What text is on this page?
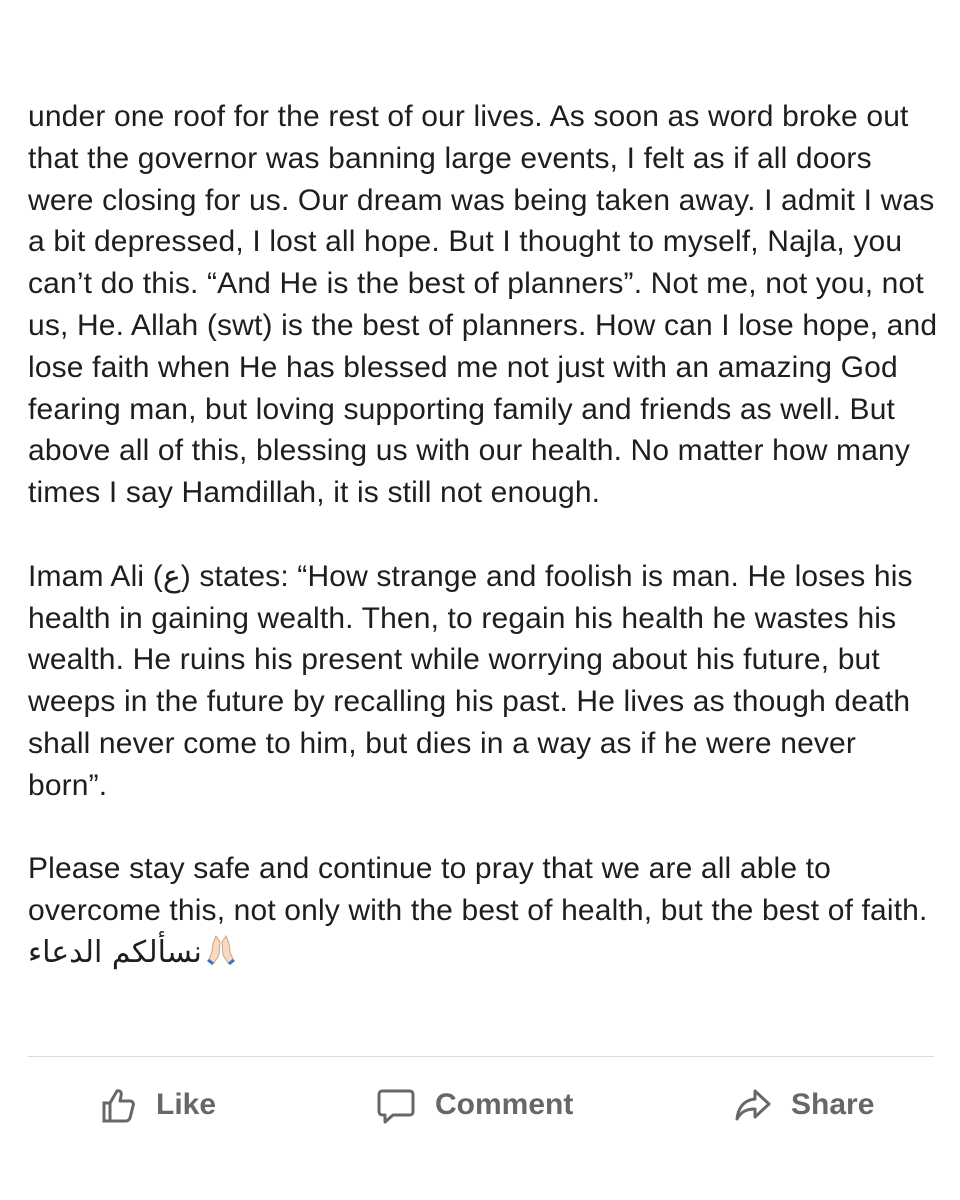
under one roof for the rest of our lives. As soon as word broke out that the governor was banning large events, I felt as if all doors were closing for us. Our dream was being taken away. I admit I was a bit depressed, I lost all hope. But I thought to myself, Najla, you can’t do this. “And He is the best of planners”. Not me, not you, not us, He. Allah (swt) is the best of planners. How can I lose hope, and lose faith when He has blessed me not just with an amazing God fearing man, but loving supporting family and friends as well. But above all of this, blessing us with our health. No matter how many times I say Hamdillah, it is still not enough.

Imam Ali (ع) states: “How strange and foolish is man. He loses his health in gaining wealth. Then, to regain his health he wastes his wealth. He ruins his present while worrying about his future, but weeps in the future by recalling his past. He lives as though death shall never come to him, but dies in a way as if he were never born”.

Please stay safe and continue to pray that we are all able to overcome this, not only with the best of health, but the best of faith. نسألكم الدعاء

Like	Comment	Share
